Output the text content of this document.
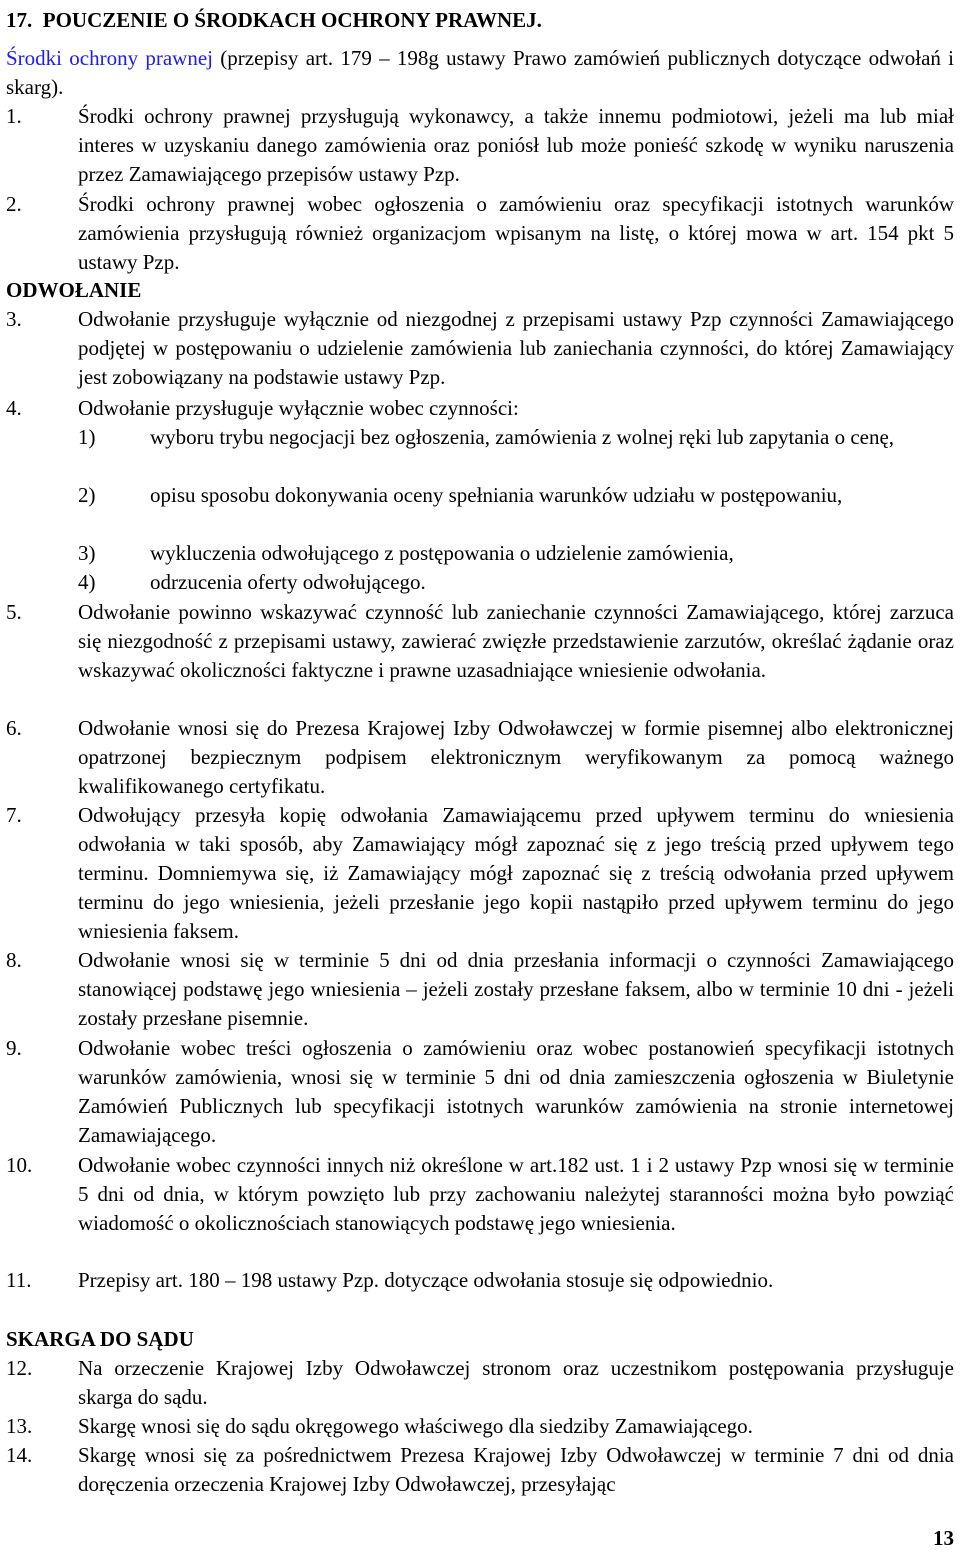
17.  POUCZENIE O ŚRODKACH OCHRONY PRAWNEJ.
Środki ochrony prawnej (przepisy art. 179 – 198g ustawy Prawo zamówień publicznych dotyczące odwołań i skarg).
1.	Środki ochrony prawnej przysługują wykonawcy, a także innemu podmiotowi, jeżeli ma lub miał interes w uzyskaniu danego zamówienia oraz poniósł lub może ponieść szkodę w wyniku naruszenia przez Zamawiającego przepisów ustawy Pzp.
2.	Środki ochrony prawnej wobec ogłoszenia o zamówieniu oraz specyfikacji istotnych warunków zamówienia przysługują również organizacjom wpisanym na listę, o której mowa w art. 154 pkt 5 ustawy Pzp.
ODWOŁANIE
3.	Odwołanie przysługuje wyłącznie od niezgodnej z przepisami ustawy Pzp czynności Zamawiającego podjętej w postępowaniu o udzielenie zamówienia lub zaniechania czynności, do której Zamawiający jest zobowiązany na podstawie ustawy Pzp.
4.	Odwołanie przysługuje wyłącznie wobec czynności:
1)	wyboru trybu negocjacji bez ogłoszenia, zamówienia z wolnej ręki lub zapytania o cenę,
2)	opisu sposobu dokonywania oceny spełniania warunków udziału w postępowaniu,
3)	wykluczenia odwołującego z postępowania o udzielenie zamówienia,
4)	odrzucenia oferty odwołującego.
5.	Odwołanie powinno wskazywać czynność lub zaniechanie czynności Zamawiającego, której zarzuca się niezgodność z przepisami ustawy, zawierać zwięzłe przedstawienie zarzutów, określać żądanie oraz wskazywać okoliczności faktyczne i prawne uzasadniające wniesienie odwołania.
6.	Odwołanie wnosi się do Prezesa Krajowej Izby Odwoławczej w formie pisemnej albo elektronicznej opatrzonej bezpiecznym podpisem elektronicznym weryfikowanym za pomocą ważnego kwalifikowanego certyfikatu.
7.	Odwołujący przesyła kopię odwołania Zamawiającemu przed upływem terminu do wniesienia odwołania w taki sposób, aby Zamawiający mógł zapoznać się z jego treścią przed upływem tego terminu. Domniemywa się, iż Zamawiający mógł zapoznać się z treścią odwołania przed upływem terminu do jego wniesienia, jeżeli przesłanie jego kopii nastąpiło przed upływem terminu do jego wniesienia faksem.
8.	Odwołanie wnosi się w terminie 5 dni od dnia przesłania informacji o czynności Zamawiającego stanowiącej podstawę jego wniesienia – jeżeli zostały przesłane faksem, albo w terminie 10 dni - jeżeli zostały przesłane pisemnie.
9.	Odwołanie wobec treści ogłoszenia o zamówieniu oraz wobec postanowień specyfikacji istotnych warunków zamówienia, wnosi się w terminie 5 dni od dnia zamieszczenia ogłoszenia w Biuletynie Zamówień Publicznych lub specyfikacji istotnych warunków zamówienia na stronie internetowej Zamawiającego.
10. Odwołanie wobec czynności innych niż określone w art.182 ust. 1 i 2 ustawy Pzp wnosi się w terminie 5 dni od dnia, w którym powzięto lub przy zachowaniu należytej staranności można było powziąć wiadomość o okolicznościach stanowiących podstawę jego wniesienia.
11. Przepisy art. 180 – 198 ustawy Pzp. dotyczące odwołania stosuje się odpowiednio.
SKARGA DO SĄDU
12. Na orzeczenie Krajowej Izby Odwoławczej stronom oraz uczestnikom postępowania przysługuje skarga do sądu.
13. Skargę wnosi się do sądu okręgowego właściwego dla siedziby Zamawiającego.
14. Skargę wnosi się za pośrednictwem Prezesa Krajowej Izby Odwoławczej w terminie 7 dni od dnia doręczenia orzeczenia Krajowej Izby Odwoławczej, przesyłając
13
